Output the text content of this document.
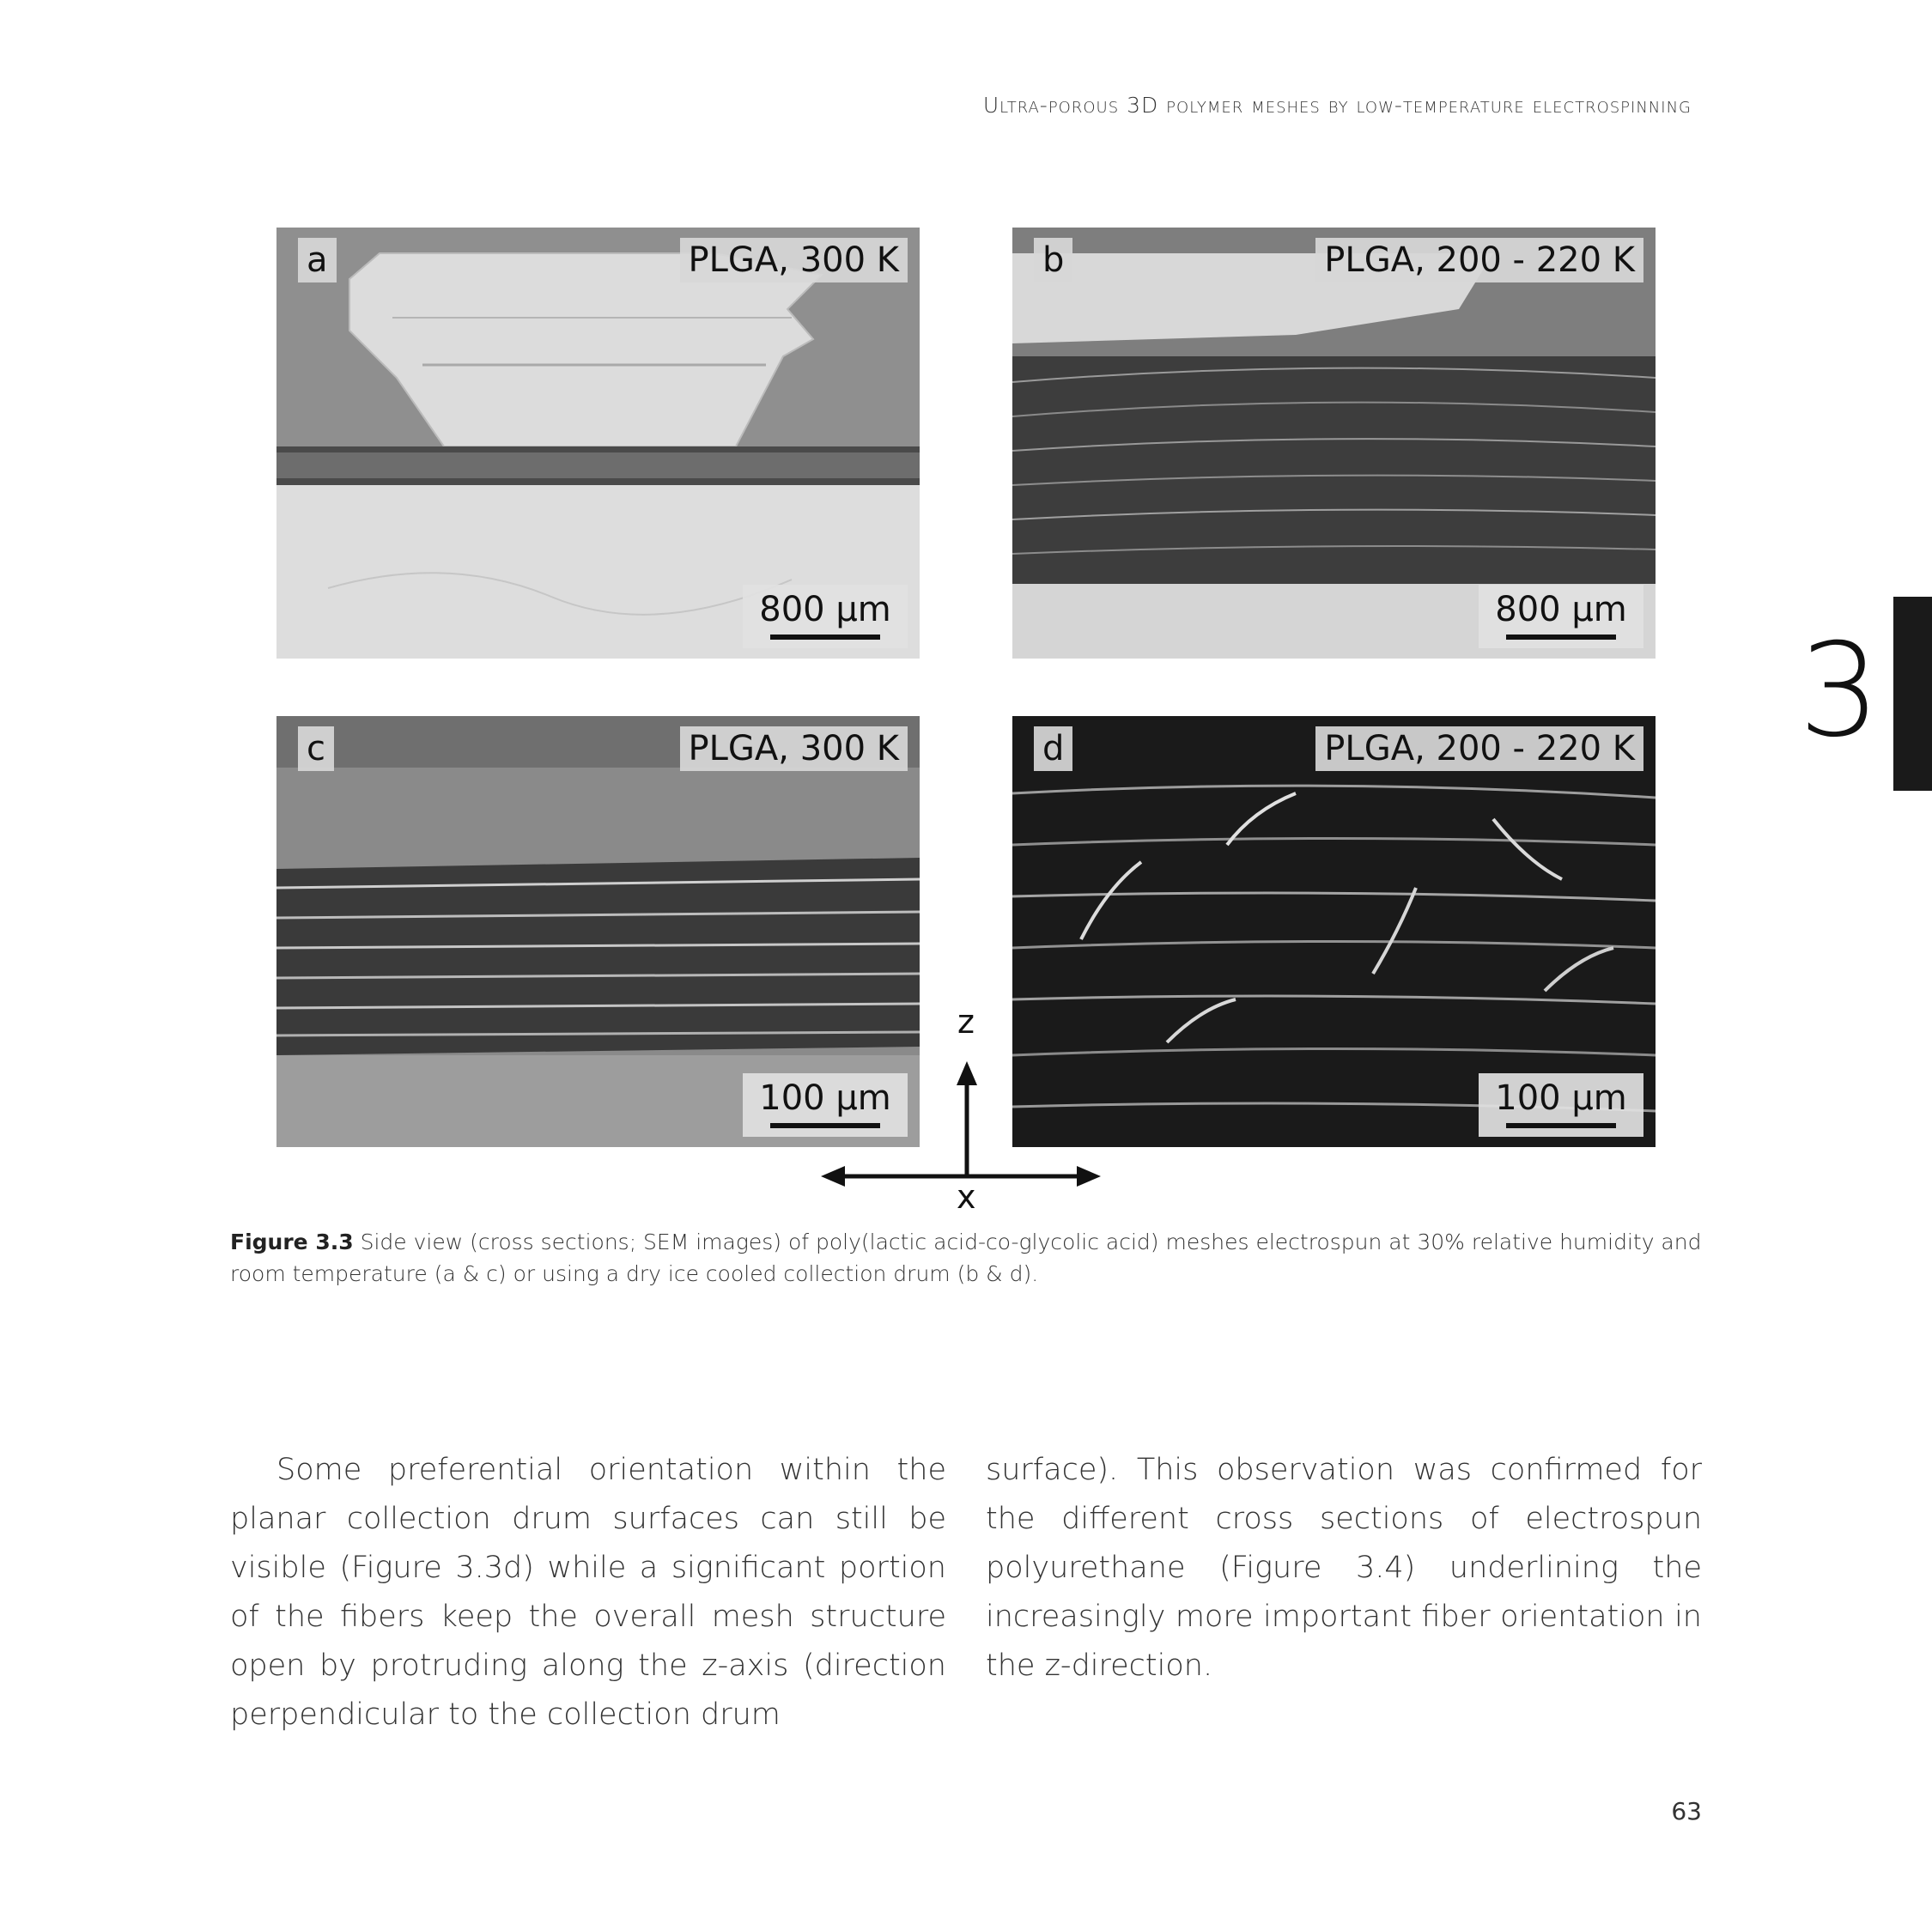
Ultra-porous 3D polymer meshes by low-temperature electrospinning
3
a	PLGA, 300 K
800 µm
b	PLGA, 200 - 220 K
800 µm
c	PLGA, 300 K
100 µm
d	PLGA, 200 - 220 K
100 µm
z
x
Figure 3.3 Side view (cross sections; SEM images) of poly(lactic acid-co-glycolic acid) meshes electrospun at 30% relative humidity and room temperature (a & c) or using a dry ice cooled collection drum (b & d).
Some preferential orientation within the planar collection drum surfaces can still be visible (Figure 3.3d) while a significant portion of the fibers keep the overall mesh structure open by protruding along the z-axis (direction perpendicular to the collection drum
surface). This observation was confirmed for the different cross sections of electrospun polyurethane (Figure 3.4) underlining the increasingly more important fiber orientation in the z-direction.
63
